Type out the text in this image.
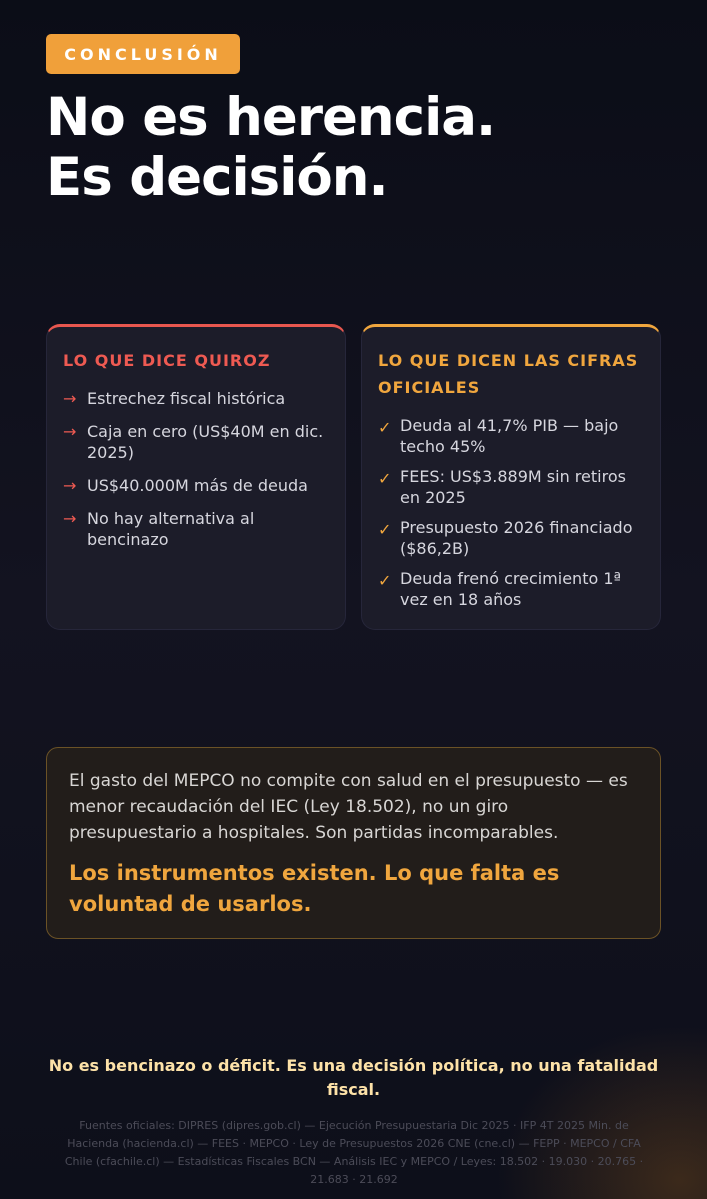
CONCLUSIÓN
No es herencia.
Es decisión.
LO QUE DICE QUIROZ
→ Estrechez fiscal histórica
→ Caja en cero (US$40M en dic. 2025)
→ US$40.000M más de deuda
→ No hay alternativa al bencinazo
LO QUE DICEN LAS CIFRAS OFICIALES
✓ Deuda al 41,7% PIB — bajo techo 45%
✓ FEES: US$3.889M sin retiros en 2025
✓ Presupuesto 2026 financiado ($86,2B)
✓ Deuda frenó crecimiento 1ª vez en 18 años

El gasto del MEPCO no compite con salud en el presupuesto — es menor recaudación del IEC (Ley 18.502), no un giro presupuestario a hospitales. Son partidas incomparables.

Los instrumentos existen. Lo que falta es voluntad de usarlos.

No es bencinazo o déficit. Es una decisión política, no una fatalidad fiscal.

Fuentes oficiales: DIPRES (dipres.gob.cl) — Ejecución Presupuestaria Dic 2025 · IFP 4T 2025 Min. de Hacienda (hacienda.cl) — FEES · MEPCO · Ley de Presupuestos 2026 CNE (cne.cl) — FEPP · MEPCO / CFA Chile (cfachile.cl) — Estadísticas Fiscales BCN — Análisis IEC y MEPCO / Leyes: 18.502 · 19.030 · 20.765 · 21.683 · 21.692
